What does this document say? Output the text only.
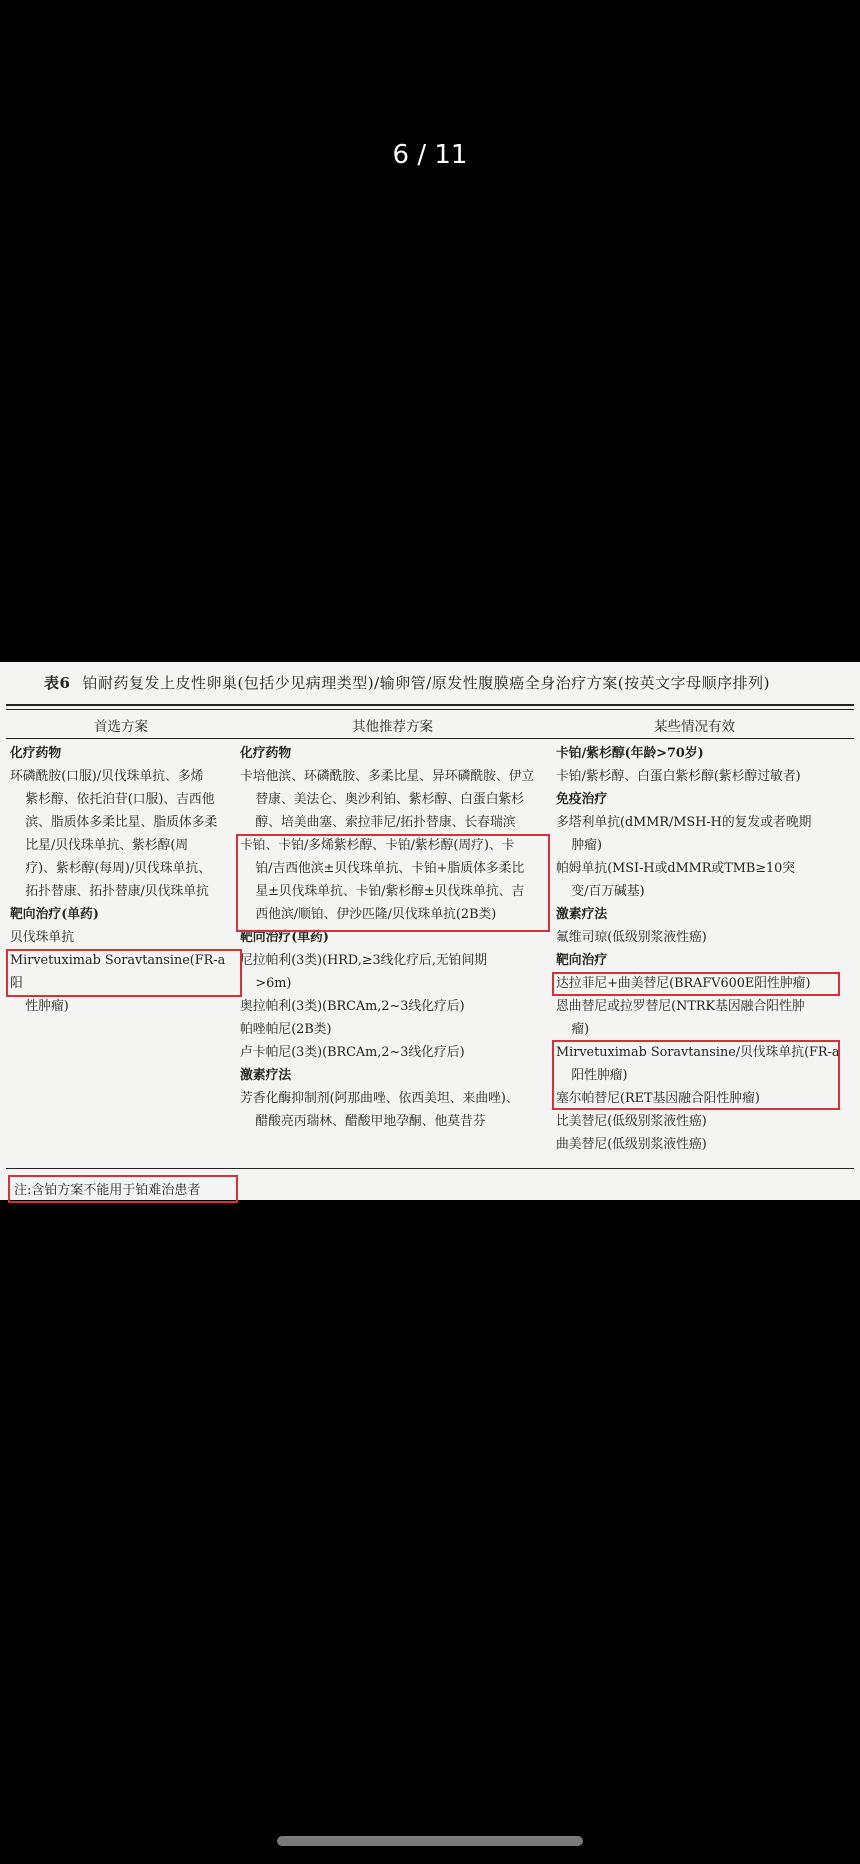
6 / 11
表6 铂耐药复发上皮性卵巢(包括少见病理类型)/输卵管/原发性腹膜癌全身治疗方案(按英文字母顺序排列)
首选方案	其他推荐方案	某些情况有效
化疗药物
环磷酰胺(口服)/贝伐珠单抗、多烯
紫杉醇、依托泊苷(口服)、吉西他
滨、脂质体多柔比星、脂质体多柔
比星/贝伐珠单抗、紫杉醇(周
疗)、紫杉醇(每周)/贝伐珠单抗、
拓扑替康、拓扑替康/贝伐珠单抗
靶向治疗(单药)
贝伐珠单抗
Mirvetuximab Soravtansine(FR-a 阳
性肿瘤)
化疗药物
卡培他滨、环磷酰胺、多柔比星、异环磷酰胺、伊立
替康、美法仑、奥沙利铂、紫杉醇、白蛋白紫杉
醇、培美曲塞、索拉菲尼/拓扑替康、长春瑞滨
卡铂、卡铂/多烯紫杉醇、卡铂/紫杉醇(周疗)、卡
铂/吉西他滨±贝伐珠单抗、卡铂+脂质体多柔比
星±贝伐珠单抗、卡铂/紫杉醇±贝伐珠单抗、吉
西他滨/顺铂、伊沙匹隆/贝伐珠单抗(2B类)
靶向治疗(单药)
尼拉帕利(3类)(HRD,≥3线化疗后,无铂间期
>6m)
奥拉帕利(3类)(BRCAm,2~3线化疗后)
帕唑帕尼(2B类)
卢卡帕尼(3类)(BRCAm,2~3线化疗后)
激素疗法
芳香化酶抑制剂(阿那曲唑、依西美坦、来曲唑)、
醋酸亮丙瑞林、醋酸甲地孕酮、他莫昔芬
卡铂/紫杉醇(年龄>70岁)
卡铂/紫杉醇、白蛋白紫杉醇(紫杉醇过敏者)
免疫治疗
多塔利单抗(dMMR/MSH-H的复发或者晚期
肿瘤)
帕姆单抗(MSI-H或dMMR或TMB≥10突
变/百万碱基)
激素疗法
氟维司琼(低级别浆液性癌)
靶向治疗
达拉菲尼+曲美替尼(BRAFV600E阳性肿瘤)
恩曲替尼或拉罗替尼(NTRK基因融合阳性肿
瘤)
Mirvetuximab Soravtansine/贝伐珠单抗(FR-a
阳性肿瘤)
塞尔帕替尼(RET基因融合阳性肿瘤)
比美替尼(低级别浆液性癌)
曲美替尼(低级别浆液性癌)
注:含铂方案不能用于铂难治患者
